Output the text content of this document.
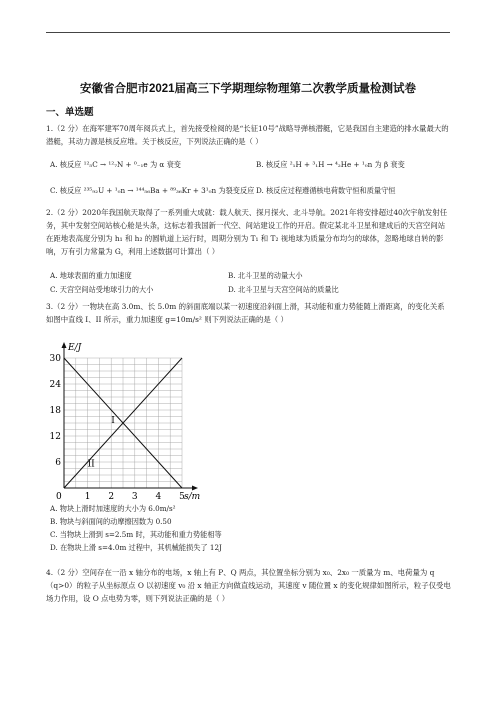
安徽省合肥市2021届高三下学期理综物理第二次教学质量检测试卷
一、单选题
1.（2 分）在海军建军70周年阅兵式上，首先接受检阅的是“长征10号”战略导弹核潜艇，它是我国自主建造的排水量最大的潜艇，其动力源是核反应堆。关于核反应，下列说法正确的是（ ）
A. 核反应 ¹²₅C → ¹²₇N + ⁰₋₁e 为 α 衰变	B. 核反应 ²₁H + ³₁H → ⁴₂He + ¹₀n 为 β 衰变
C. 核反应 ²³⁵₉₂U + ¹₀n → ¹⁴⁴₅₆Ba + ⁸⁹₃₆Kr + 3¹₀n 为裂变反应 D. 核反应过程遵循核电荷数守恒和质量守恒
2.（2 分）2020年我国航天取得了一系列重大成就：载人航天、探月探火、北斗导航。2021年将安排超过40次宇航发射任务，其中发射空间站核心舱是头条，这标志着我国新一代空、间站建设工作的开启。假定某北斗卫星和建成后的天宫空间站在距地表高度分别为 h₁ 和 h₂ 的圆轨道上运行时，周期分别为 T₁ 和 T₂ 视地球为质量分布均匀的球体，忽略地球自转的影响，万有引力常量为 G，利用上述数据可计算出（ ）
A. 地球表面的重力加速度	B. 北斗卫星的动量大小
C. 天宫空间站受地球引力的大小	D. 北斗卫星与天宫空间站的质量比
3.（2 分）一物块在高 3.0m、长 5.0m 的斜面底端以某一初速度沿斜面上滑，其动能和重力势能随上滑距离，的变化关系如图中直线 I、II 所示，重力加速度 g=10m/s² 则下列说法正确的是（ ）
1 2 3 4 5
6
12
18
24
30
I
II
E/J
s/m
0
A. 物块上滑时加速度的大小为 6.0m/s²
B. 物块与斜面间的动摩擦因数为 0.50
C. 当物块上滑到 s=2.5m 时，其动能和重力势能相等
D. 在物块上滑 s=4.0m 过程中，其机械能损失了 12J
4.（2 分）空间存在一沿 x 轴分布的电场，x 轴上有 P、Q 两点，其位置坐标分别为 x₀、2x₀ 一质量为 m、电荷量为 q（q>0）的粒子从坐标原点 O 以初速度 v₀ 沿 x 轴正方向做直线运动，其速度 v 随位置 x 的变化规律如图所示，粒子仅受电场力作用，设 O 点电势为零，则下列说法正确的是（ ）
